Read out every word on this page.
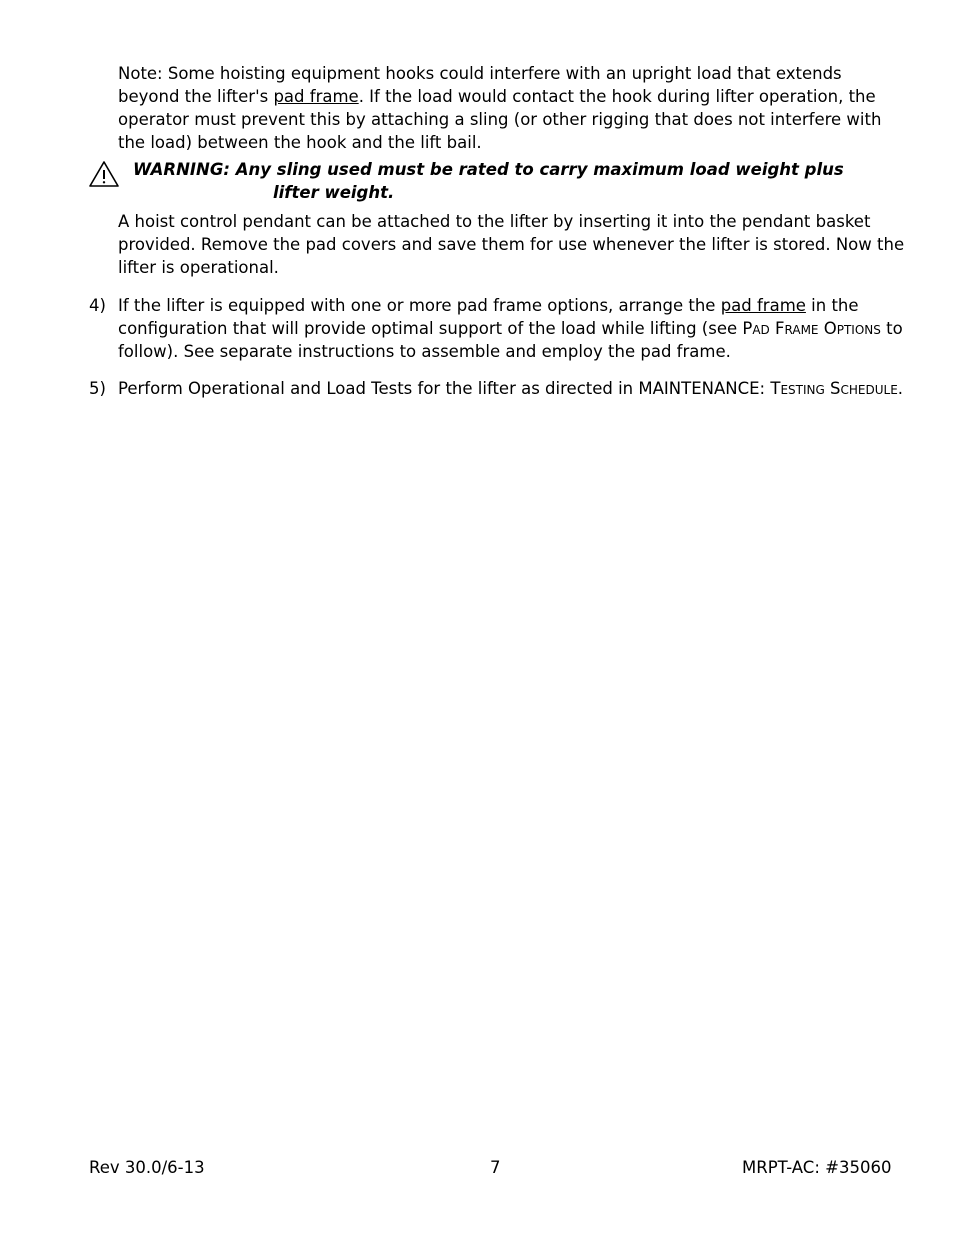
Note: Some hoisting equipment hooks could interfere with an upright load that extends beyond the lifter's pad frame. If the load would contact the hook during lifter operation, the operator must prevent this by attaching a sling (or other rigging that does not interfere with the load) between the hook and the lift bail.

WARNING: Any sling used must be rated to carry maximum load weight plus
lifter weight.

A hoist control pendant can be attached to the lifter by inserting it into the pendant basket provided. Remove the pad covers and save them for use whenever the lifter is stored. Now the lifter is operational.

4) If the lifter is equipped with one or more pad frame options, arrange the pad frame in the configuration that will provide optimal support of the load while lifting (see Pad Frame Options to follow). See separate instructions to assemble and employ the pad frame.

5) Perform Operational and Load Tests for the lifter as directed in MAINTENANCE: Testing Schedule.

Rev 30.0/6-13	7	MRPT-AC: #35060
